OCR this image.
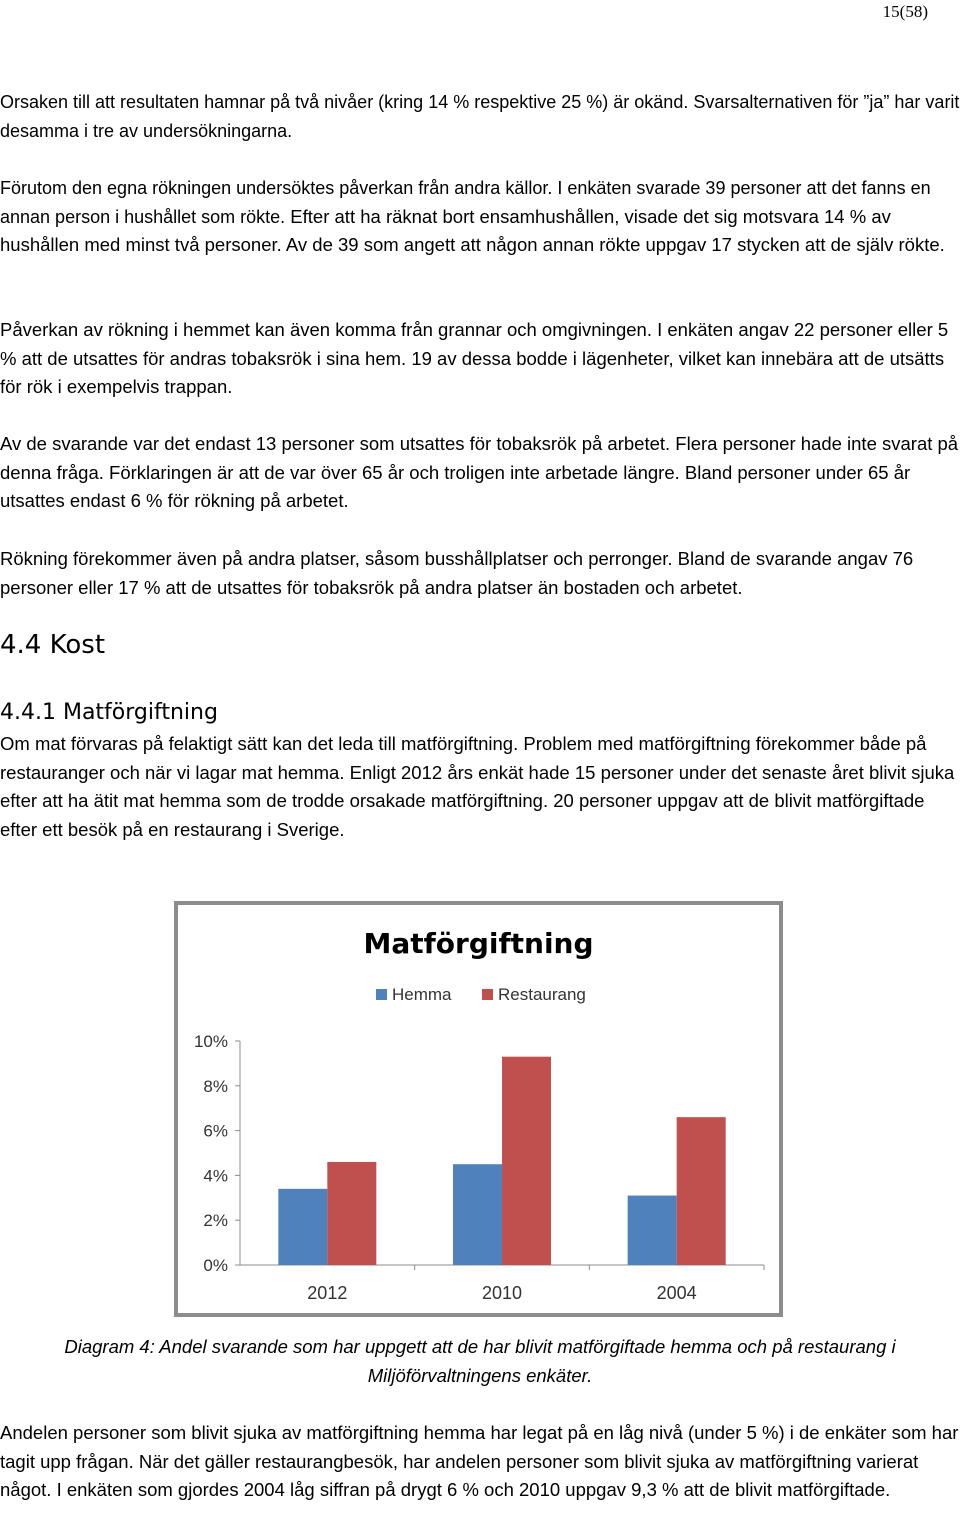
15(58)
Orsaken till att resultaten hamnar på två nivåer (kring 14 % respektive 25 %) är okänd. Svarsalternativen för ”ja” har varit desamma i tre av undersökningarna.
Förutom den egna rökningen undersöktes påverkan från andra källor. I enkäten svarade 39 personer att det fanns en annan person i hushållet som rökte. Efter att ha räknat bort ensamhushållen, visade det sig motsvara 14 % av hushållen med minst två personer. Av de 39 som angett att någon annan rökte uppgav 17 stycken att de själv rökte.
Påverkan av rökning i hemmet kan även komma från grannar och omgivningen. I enkäten angav 22 personer eller 5 % att de utsattes för andras tobaksrök i sina hem. 19 av dessa bodde i lägenheter, vilket kan innebära att de utsätts för rök i exempelvis trappan.
Av de svarande var det endast 13 personer som utsattes för tobaksrök på arbetet. Flera personer hade inte svarat på denna fråga. Förklaringen är att de var över 65 år och troligen inte arbetade längre. Bland personer under 65 år utsattes endast 6 % för rökning på arbetet.
Rökning förekommer även på andra platser, såsom busshållplatser och perronger. Bland de svarande angav 76 personer eller 17 % att de utsattes för tobaksrök på andra platser än bostaden och arbetet.
4.4 Kost
4.4.1 Matförgiftning
Om mat förvaras på felaktigt sätt kan det leda till matförgiftning. Problem med matförgiftning förekommer både på restauranger och när vi lagar mat hemma. Enligt 2012 års enkät hade 15 personer under det senaste året blivit sjuka efter att ha ätit mat hemma som de trodde orsakade matförgiftning. 20 personer uppgav att de blivit matförgiftade efter ett besök på en restaurang i Sverige.
Matförgiftning
Hemma	Restaurang
0%
2%
4%
6%
8%
10%
2012	2010	2004
Diagram 4: Andel svarande som har uppgett att de har blivit matförgiftade hemma och på restaurang i Miljöförvaltningens enkäter.
Andelen personer som blivit sjuka av matförgiftning hemma har legat på en låg nivå (under 5 %) i de enkäter som har tagit upp frågan. När det gäller restaurangbesök, har andelen personer som blivit sjuka av matförgiftning varierat något. I enkäten som gjordes 2004 låg siffran på drygt 6 % och 2010 uppgav 9,3 % att de blivit matförgiftade.
